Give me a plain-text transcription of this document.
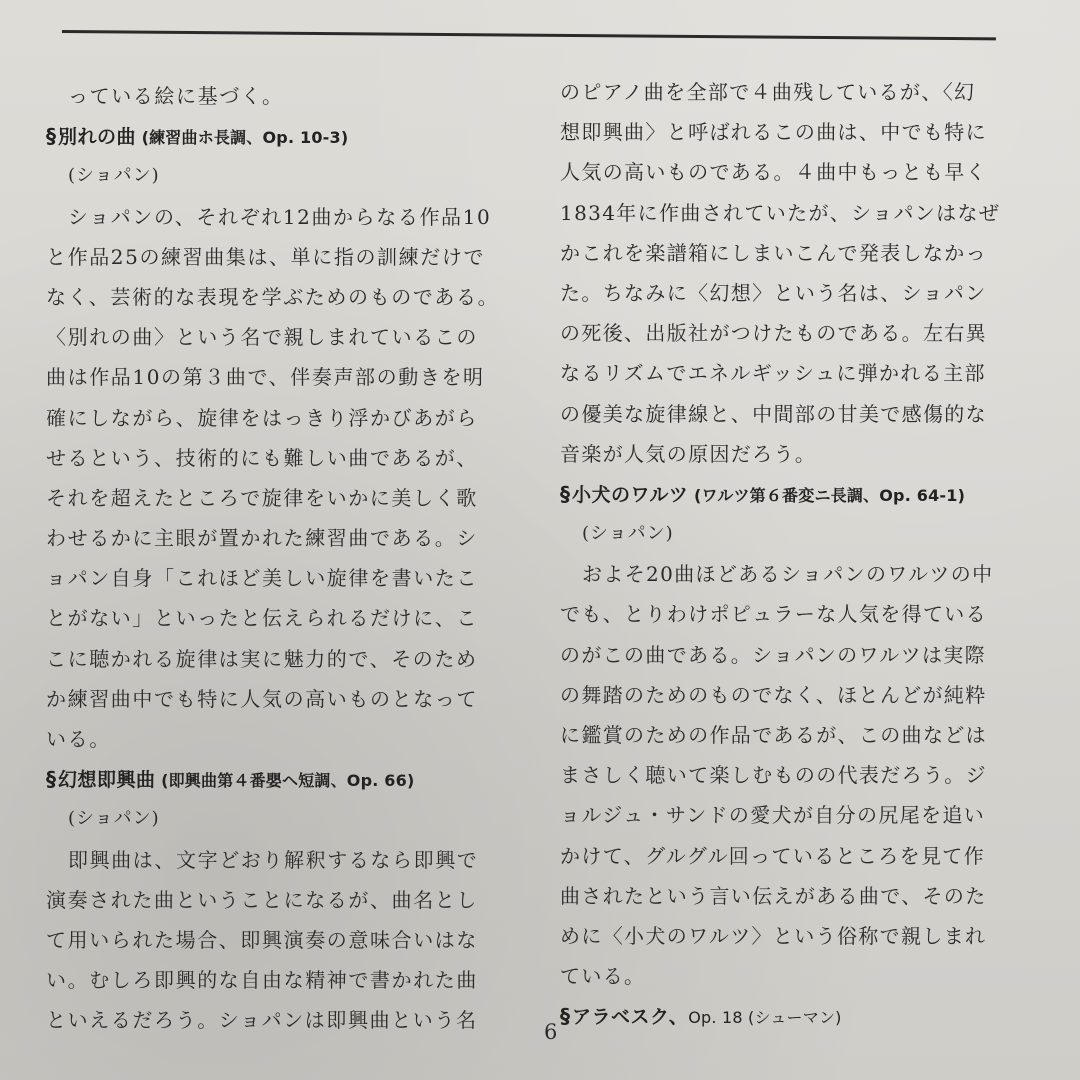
っている絵に基づく。
§ 別れの曲 (練習曲ホ長調、Op. 10-3)
(ショパン)
ショパンの、それぞれ12曲からなる作品10
と作品25の練習曲集は、単に指の訓練だけで
なく、芸術的な表現を学ぶためのものである。
〈別れの曲〉という名で親しまれているこの
曲は作品10の第３曲で、伴奏声部の動きを明
確にしながら、旋律をはっきり浮かびあがら
せるという、技術的にも難しい曲であるが、
それを超えたところで旋律をいかに美しく歌
わせるかに主眼が置かれた練習曲である。シ
ョパン自身「これほど美しい旋律を書いたこ
とがない」といったと伝えられるだけに、こ
こに聴かれる旋律は実に魅力的で、そのため
か練習曲中でも特に人気の高いものとなって
いる。
§ 幻想即興曲 (即興曲第４番嬰ヘ短調、Op. 66)
(ショパン)
即興曲は、文字どおり解釈するなら即興で
演奏された曲ということになるが、曲名とし
て用いられた場合、即興演奏の意味合いはな
い。むしろ即興的な自由な精神で書かれた曲
といえるだろう。ショパンは即興曲という名
のピアノ曲を全部で４曲残しているが、〈幻
想即興曲〉と呼ばれるこの曲は、中でも特に
人気の高いものである。４曲中もっとも早く
1834年に作曲されていたが、ショパンはなぜ
かこれを楽譜箱にしまいこんで発表しなかっ
た。ちなみに〈幻想〉という名は、ショパン
の死後、出版社がつけたものである。左右異
なるリズムでエネルギッシュに弾かれる主部
の優美な旋律線と、中間部の甘美で感傷的な
音楽が人気の原因だろう。
§ 小犬のワルツ (ワルツ第６番変ニ長調、Op. 64-1)
(ショパン)
およそ20曲ほどあるショパンのワルツの中
でも、とりわけポピュラーな人気を得ている
のがこの曲である。ショパンのワルツは実際
の舞踏のためのものでなく、ほとんどが純粋
に鑑賞のための作品であるが、この曲などは
まさしく聴いて楽しむものの代表だろう。ジ
ョルジュ・サンドの愛犬が自分の尻尾を追い
かけて、グルグル回っているところを見て作
曲されたという言い伝えがある曲で、そのた
めに〈小犬のワルツ〉という俗称で親しまれ
ている。
§ アラベスク、Op. 18 (シューマン)
6
